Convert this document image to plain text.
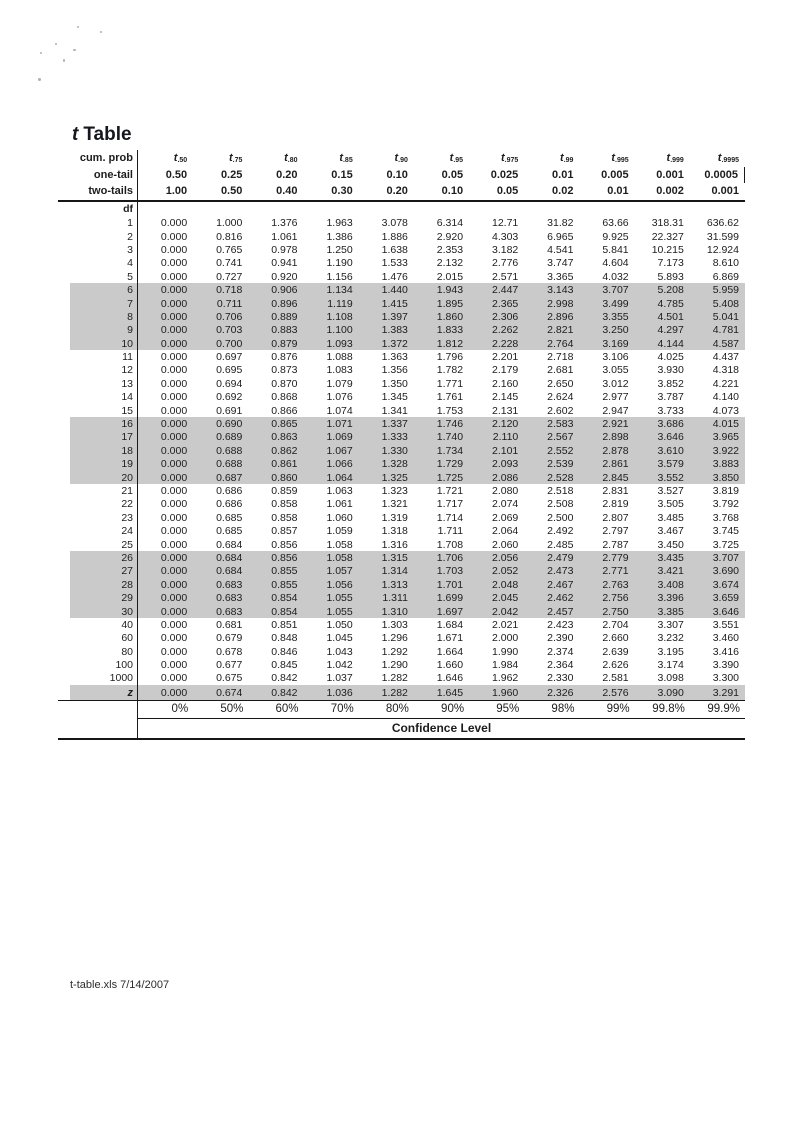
t Table
cum. prob	$t_{.50}$	$t_{.75}$	$t_{.80}$	$t_{.85}$	$t_{.90}$	$t_{.95}$	$t_{.975}$	$t_{.99}$	$t_{.995}$	$t_{.999}$	$t_{.9995}$
one-tail	0.50	0.25	0.20	0.15	0.10	0.05	0.025	0.01	0.005	0.001	0.0005
two-tails	1.00	0.50	0.40	0.30	0.20	0.10	0.05	0.02	0.01	0.002	0.001
df
1	0.000	1.000	1.376	1.963	3.078	6.314	12.71	31.82	63.66	318.31	636.62
2	0.000	0.816	1.061	1.386	1.886	2.920	4.303	6.965	9.925	22.327	31.599
3	0.000	0.765	0.978	1.250	1.638	2.353	3.182	4.541	5.841	10.215	12.924
4	0.000	0.741	0.941	1.190	1.533	2.132	2.776	3.747	4.604	7.173	8.610
5	0.000	0.727	0.920	1.156	1.476	2.015	2.571	3.365	4.032	5.893	6.869
6	0.000	0.718	0.906	1.134	1.440	1.943	2.447	3.143	3.707	5.208	5.959
7	0.000	0.711	0.896	1.119	1.415	1.895	2.365	2.998	3.499	4.785	5.408
8	0.000	0.706	0.889	1.108	1.397	1.860	2.306	2.896	3.355	4.501	5.041
9	0.000	0.703	0.883	1.100	1.383	1.833	2.262	2.821	3.250	4.297	4.781
10	0.000	0.700	0.879	1.093	1.372	1.812	2.228	2.764	3.169	4.144	4.587
11	0.000	0.697	0.876	1.088	1.363	1.796	2.201	2.718	3.106	4.025	4.437
12	0.000	0.695	0.873	1.083	1.356	1.782	2.179	2.681	3.055	3.930	4.318
13	0.000	0.694	0.870	1.079	1.350	1.771	2.160	2.650	3.012	3.852	4.221
14	0.000	0.692	0.868	1.076	1.345	1.761	2.145	2.624	2.977	3.787	4.140
15	0.000	0.691	0.866	1.074	1.341	1.753	2.131	2.602	2.947	3.733	4.073
16	0.000	0.690	0.865	1.071	1.337	1.746	2.120	2.583	2.921	3.686	4.015
17	0.000	0.689	0.863	1.069	1.333	1.740	2.110	2.567	2.898	3.646	3.965
18	0.000	0.688	0.862	1.067	1.330	1.734	2.101	2.552	2.878	3.610	3.922
19	0.000	0.688	0.861	1.066	1.328	1.729	2.093	2.539	2.861	3.579	3.883
20	0.000	0.687	0.860	1.064	1.325	1.725	2.086	2.528	2.845	3.552	3.850
21	0.000	0.686	0.859	1.063	1.323	1.721	2.080	2.518	2.831	3.527	3.819
22	0.000	0.686	0.858	1.061	1.321	1.717	2.074	2.508	2.819	3.505	3.792
23	0.000	0.685	0.858	1.060	1.319	1.714	2.069	2.500	2.807	3.485	3.768
24	0.000	0.685	0.857	1.059	1.318	1.711	2.064	2.492	2.797	3.467	3.745
25	0.000	0.684	0.856	1.058	1.316	1.708	2.060	2.485	2.787	3.450	3.725
26	0.000	0.684	0.856	1.058	1.315	1.706	2.056	2.479	2.779	3.435	3.707
27	0.000	0.684	0.855	1.057	1.314	1.703	2.052	2.473	2.771	3.421	3.690
28	0.000	0.683	0.855	1.056	1.313	1.701	2.048	2.467	2.763	3.408	3.674
29	0.000	0.683	0.854	1.055	1.311	1.699	2.045	2.462	2.756	3.396	3.659
30	0.000	0.683	0.854	1.055	1.310	1.697	2.042	2.457	2.750	3.385	3.646
40	0.000	0.681	0.851	1.050	1.303	1.684	2.021	2.423	2.704	3.307	3.551
60	0.000	0.679	0.848	1.045	1.296	1.671	2.000	2.390	2.660	3.232	3.460
80	0.000	0.678	0.846	1.043	1.292	1.664	1.990	2.374	2.639	3.195	3.416
100	0.000	0.677	0.845	1.042	1.290	1.660	1.984	2.364	2.626	3.174	3.390
1000	0.000	0.675	0.842	1.037	1.282	1.646	1.962	2.330	2.581	3.098	3.300
z	0.000	0.674	0.842	1.036	1.282	1.645	1.960	2.326	2.576	3.090	3.291
0%	50%	60%	70%	80%	90%	95%	98%	99%	99.8%	99.9%
Confidence Level
t-table.xls 7/14/2007
